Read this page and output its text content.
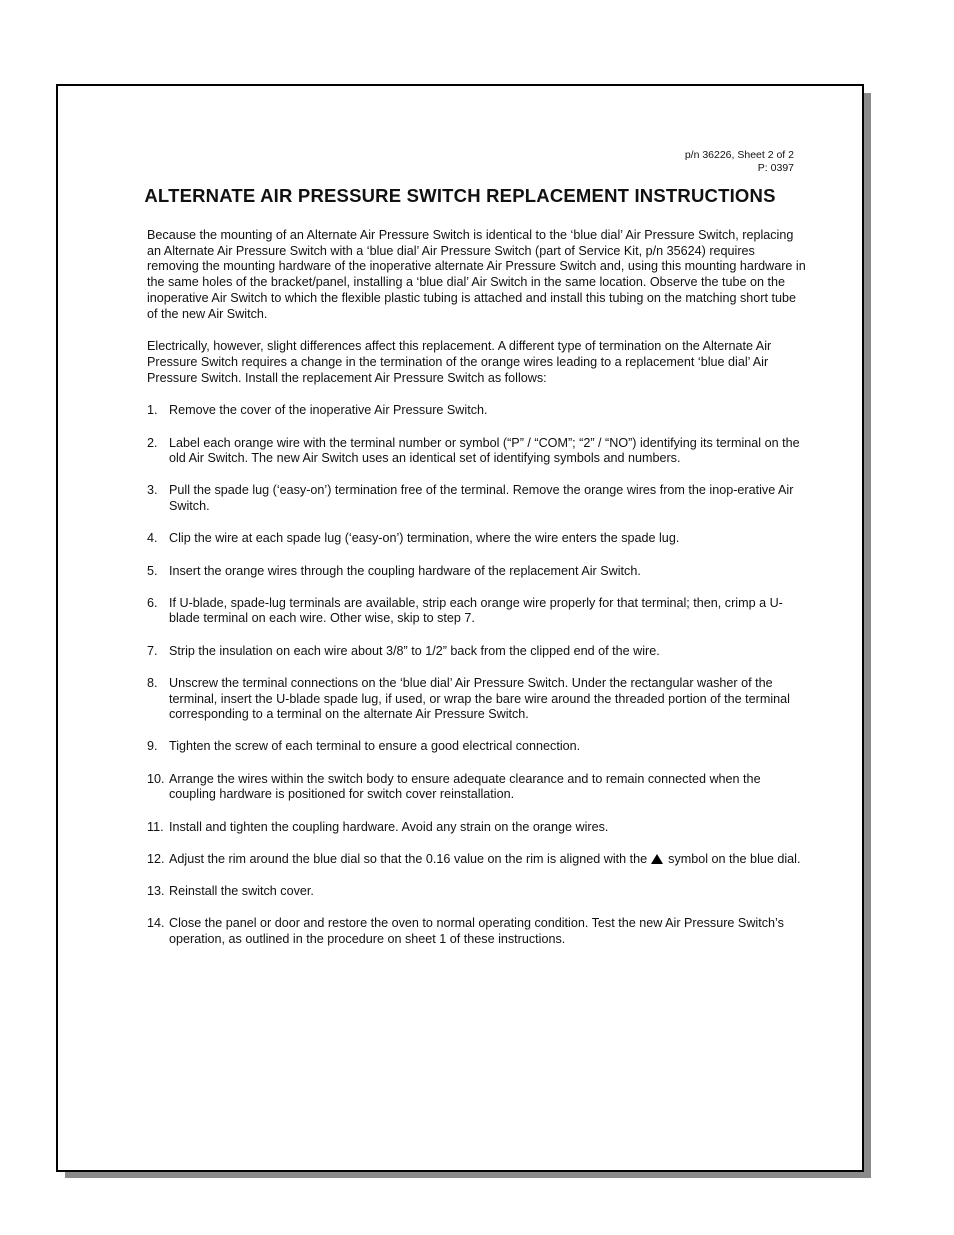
p/n 36226, Sheet 2 of 2
P: 0397
ALTERNATE AIR PRESSURE SWITCH REPLACEMENT INSTRUCTIONS

Because the mounting of an Alternate Air Pressure Switch is identical to the ‘blue dial’ Air Pressure Switch, replacing an Alternate Air Pressure Switch with a ‘blue dial’ Air Pressure Switch (part of Service Kit, p/n 35624) requires removing the mounting hardware of the inoperative alternate Air Pressure Switch and, using this mounting hardware in the same holes of the bracket/panel, installing a ‘blue dial’ Air Switch in the same location. Observe the tube on the inoperative Air Switch to which the flexible plastic tubing is attached and install this tubing on the matching short tube of the new Air Switch.

Electrically, however, slight differences affect this replacement. A different type of termination on the Alternate Air Pressure Switch requires a change in the termination of the orange wires leading to a replacement ‘blue dial’ Air Pressure Switch. Install the replacement Air Pressure Switch as follows:

1. Remove the cover of the inoperative Air Pressure Switch.
2. Label each orange wire with the terminal number or symbol (“P” / “COM”; “2” / “NO”) identifying its terminal on the old Air Switch. The new Air Switch uses an identical set of identifying symbols and numbers.
3. Pull the spade lug (‘easy-on’) termination free of the terminal. Remove the orange wires from the inop-erative Air Switch.
4. Clip the wire at each spade lug (‘easy-on’) termination, where the wire enters the spade lug.
5. Insert the orange wires through the coupling hardware of the replacement Air Switch.
6. If U-blade, spade-lug terminals are available, strip each orange wire properly for that terminal; then, crimp a U-blade terminal on each wire. Other wise, skip to step 7.
7. Strip the insulation on each wire about 3/8” to 1/2” back from the clipped end of the wire.
8. Unscrew the terminal connections on the ‘blue dial’ Air Pressure Switch. Under the rectangular washer of the terminal, insert the U-blade spade lug, if used, or wrap the bare wire around the threaded portion of the terminal corresponding to a terminal on the alternate Air Pressure Switch.
9. Tighten the screw of each terminal to ensure a good electrical connection.
10. Arrange the wires within the switch body to ensure adequate clearance and to remain connected when the coupling hardware is positioned for switch cover reinstallation.
11. Install and tighten the coupling hardware. Avoid any strain on the orange wires.
12. Adjust the rim around the blue dial so that the 0.16 value on the rim is aligned with the symbol on the blue dial.
13. Reinstall the switch cover.
14. Close the panel or door and restore the oven to normal operating condition. Test the new Air Pressure Switch’s operation, as outlined in the procedure on sheet 1 of these instructions.
